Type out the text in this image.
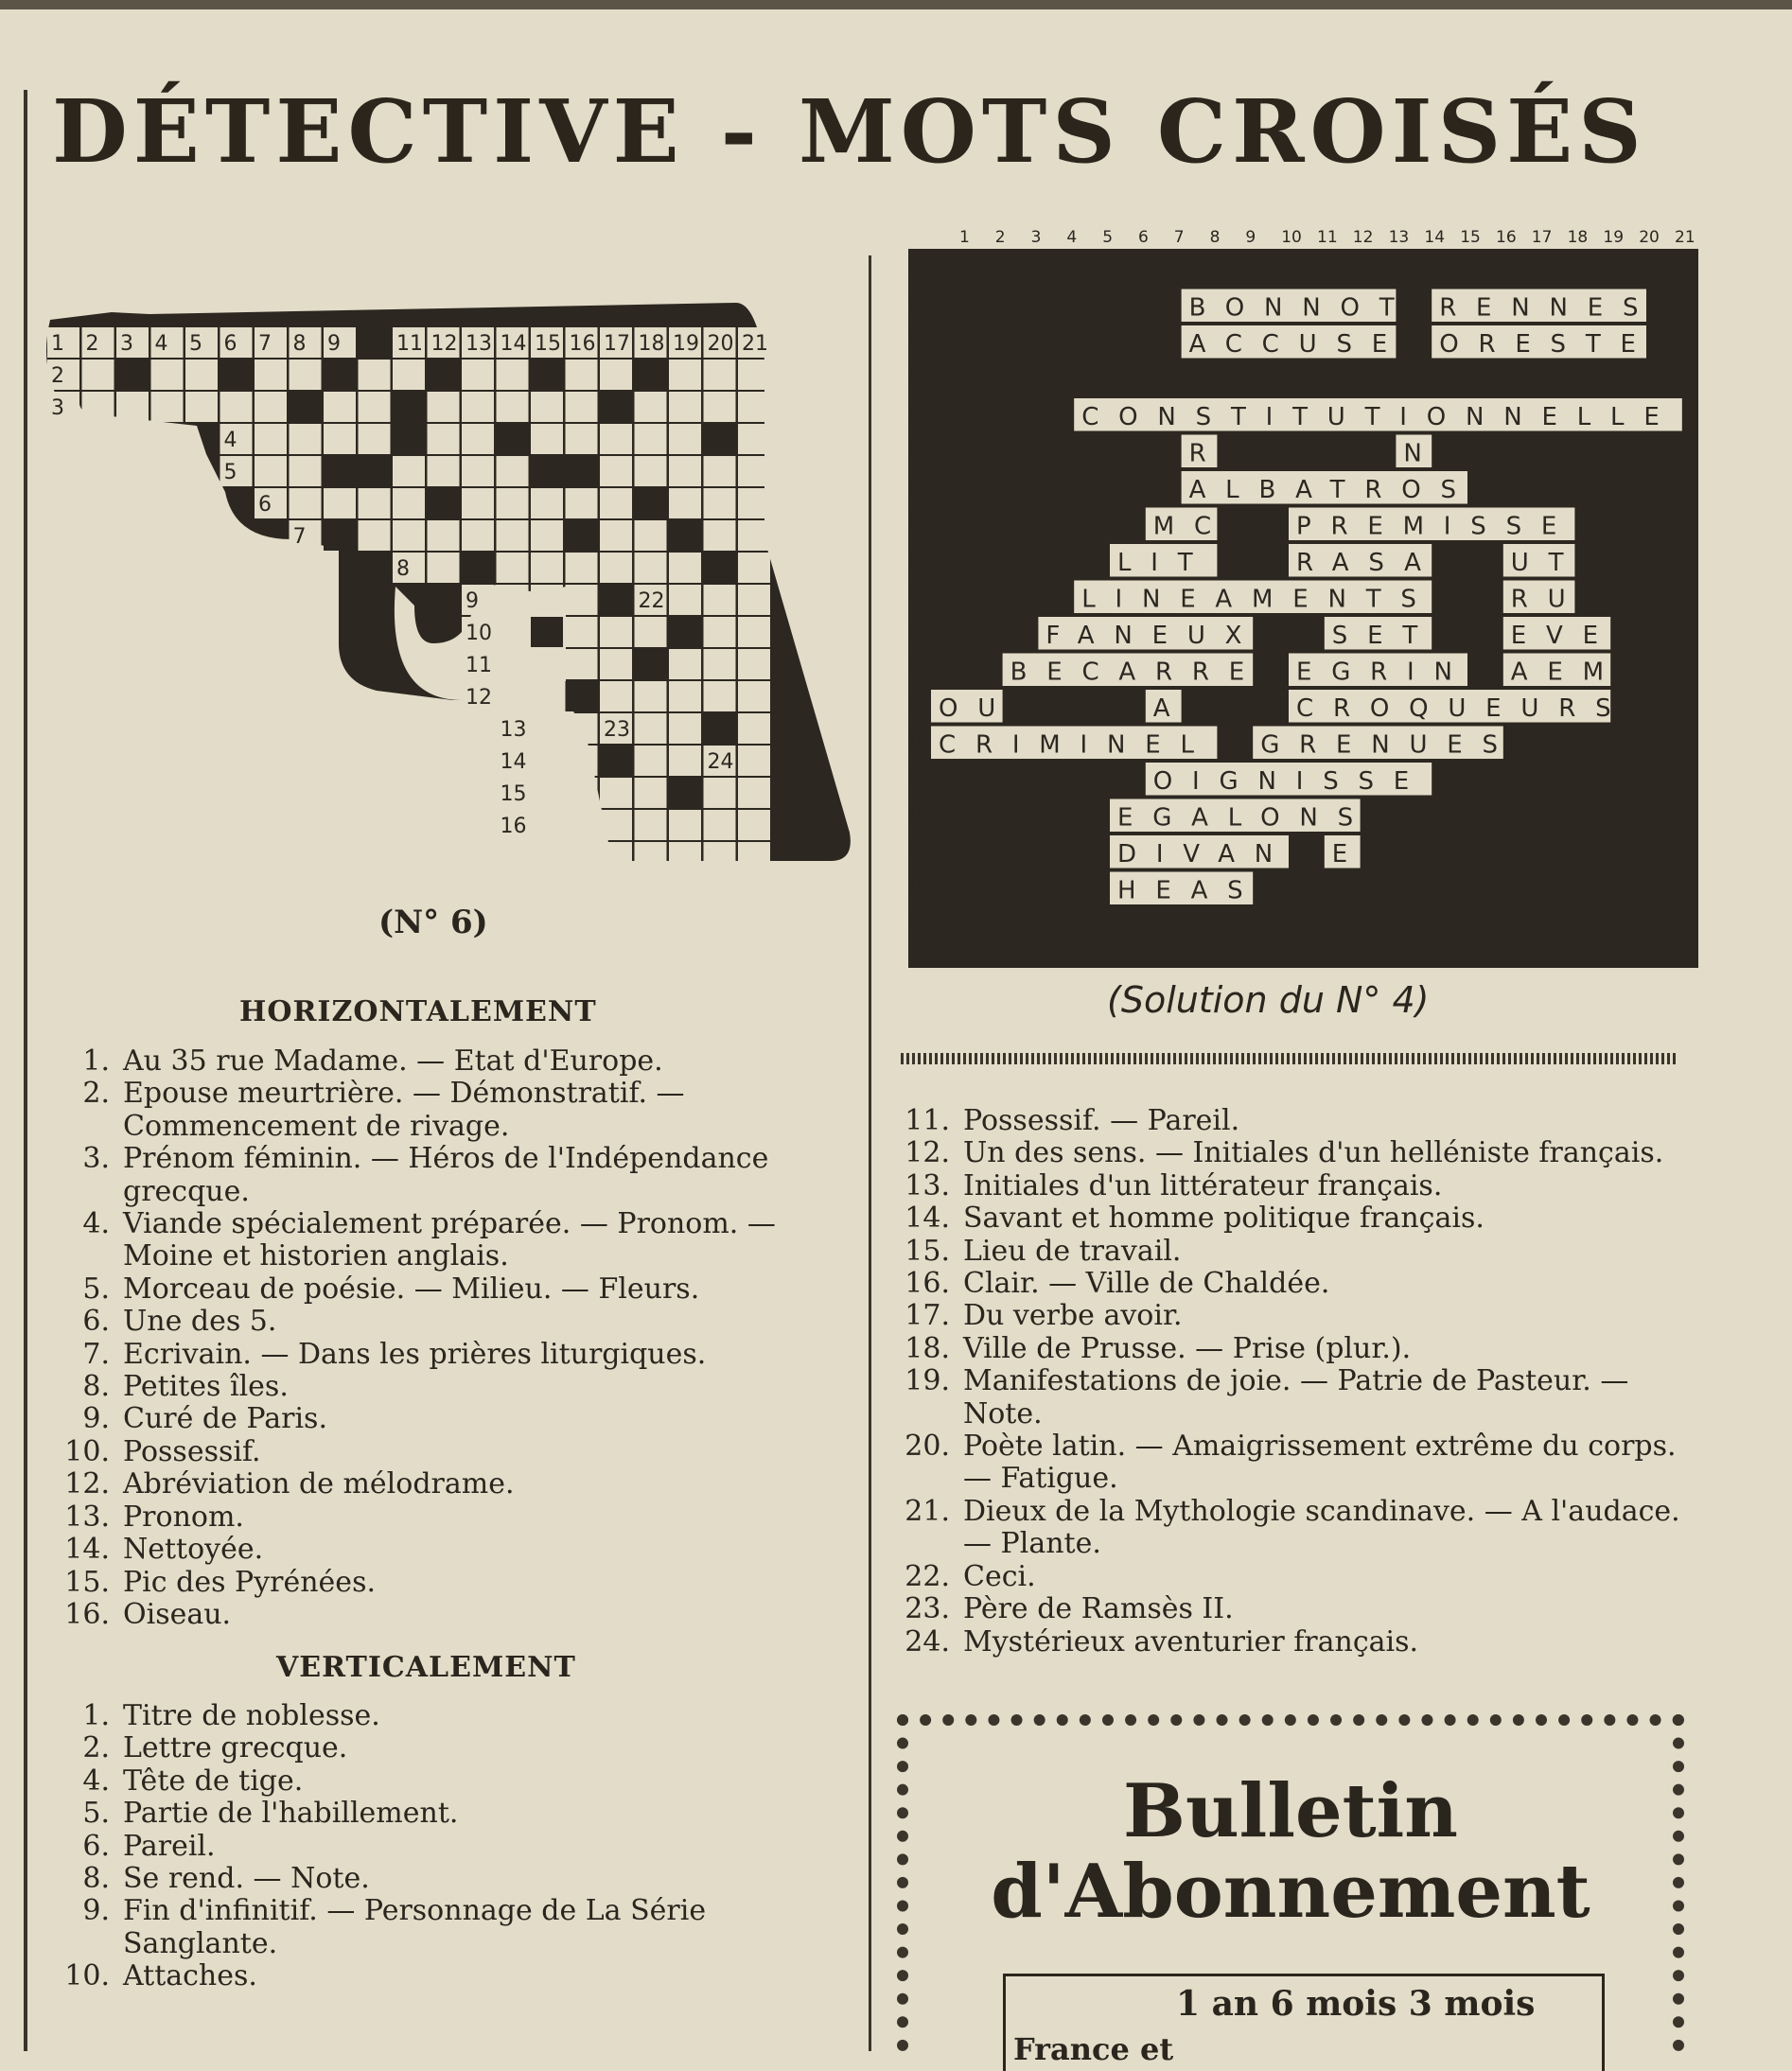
DÉTECTIVE - MOTS CROISÉS
1 2 3 4 5 6 7 8 9	11 12 13 14 15 16 17 18 19 20
2
3
4
5
6
7
8
9
10
11
12
13
14
15
16
21
22
23
24
(N° 6)
1 2 3 4 5 6 7 8 9 10 11 12 13 14 15 16 17 18 19 20 21
1
2
3
4
5
6
7
8
9
10
11
12
13
14
15
16
17
18
19
BONNOT RENNES
ACCUSE ORESTE
CONSTITUTIONNELLE
R	N
ALBATROS
MC	PREMISSE
LIT	RASA	UT
LINEAMENTS	RU
FANEUX	SET	EVE
BECARRE EGRIN AEM
OU	A	CROQUEURS
CRIMINEL GRENUES
OIGNISSE
EGALONS
DIVAN E
HEAS
(Solution du N° 4)
HORIZONTALEMENT
1. Au 35 rue Madame. — Etat d'Europe.
2. Epouse meurtrière. — Démonstratif. — Commencement de rivage.
3. Prénom féminin. — Héros de l'Indépendance grecque.
4. Viande spécialement préparée. — Pronom. — Moine et historien anglais.
5. Morceau de poésie. — Milieu. — Fleurs.
6. Une des 5.
7. Ecrivain. — Dans les prières liturgiques.
8. Petites îles.
9. Curé de Paris.
10. Possessif.
12. Abréviation de mélodrame.
13. Pronom.
14. Nettoyée.
15. Pic des Pyrénées.
16. Oiseau.
VERTICALEMENT
1. Titre de noblesse.
2. Lettre grecque.
4. Tête de tige.
5. Partie de l'habillement.
6. Pareil.
8. Se rend. — Note.
9. Fin d'infinitif. — Personnage de La Série Sanglante.
10. Attaches.
11. Possessif. — Pareil.
12. Un des sens. — Initiales d'un helléniste français.
13. Initiales d'un littérateur français.
14. Savant et homme politique français.
15. Lieu de travail.
16. Clair. — Ville de Chaldée.
17. Du verbe avoir.
18. Ville de Prusse. — Prise (plur.).
19. Manifestations de joie. — Patrie de Pasteur. — Note.
20. Poète latin. — Amaigrissement extrême du corps. — Fatigue.
21. Dieux de la Mythologie scandinave. — A l'audace. — Plante.
22. Ceci.
23. Père de Ramsès II.
24. Mystérieux aventurier français.
Bulletin
d'Abonnement
1 an 6 mois 3 mois
France et
